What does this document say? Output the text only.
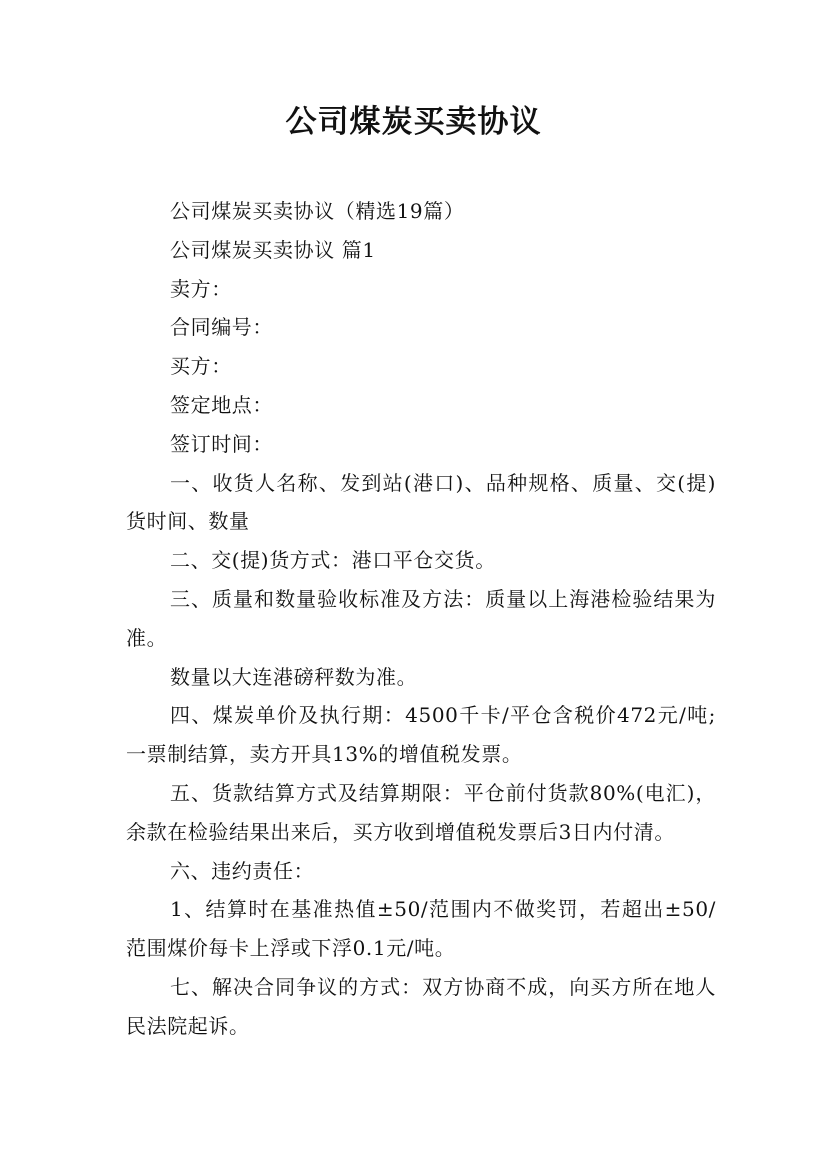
公司煤炭买卖协议

公司煤炭买卖协议（精选19篇）

公司煤炭买卖协议 篇1

卖方：

合同编号：

买方：

签定地点：

签订时间：

一、收货人名称、发到站(港口)、品种规格、质量、交(提)货时间、数量

二、交(提)货方式：港口平仓交货。

三、质量和数量验收标准及方法：质量以上海港检验结果为准。

数量以大连港磅秤数为准。

四、煤炭单价及执行期：4500千卡/平仓含税价472元/吨;一票制结算，卖方开具13%的增值税发票。

五、货款结算方式及结算期限：平仓前付货款80%(电汇)，余款在检验结果出来后，买方收到增值税发票后3日内付清。

六、违约责任：

1、结算时在基准热值±50/范围内不做奖罚，若超出±50/范围煤价每卡上浮或下浮0.1元/吨。

七、解决合同争议的方式：双方协商不成，向买方所在地人民法院起诉。
